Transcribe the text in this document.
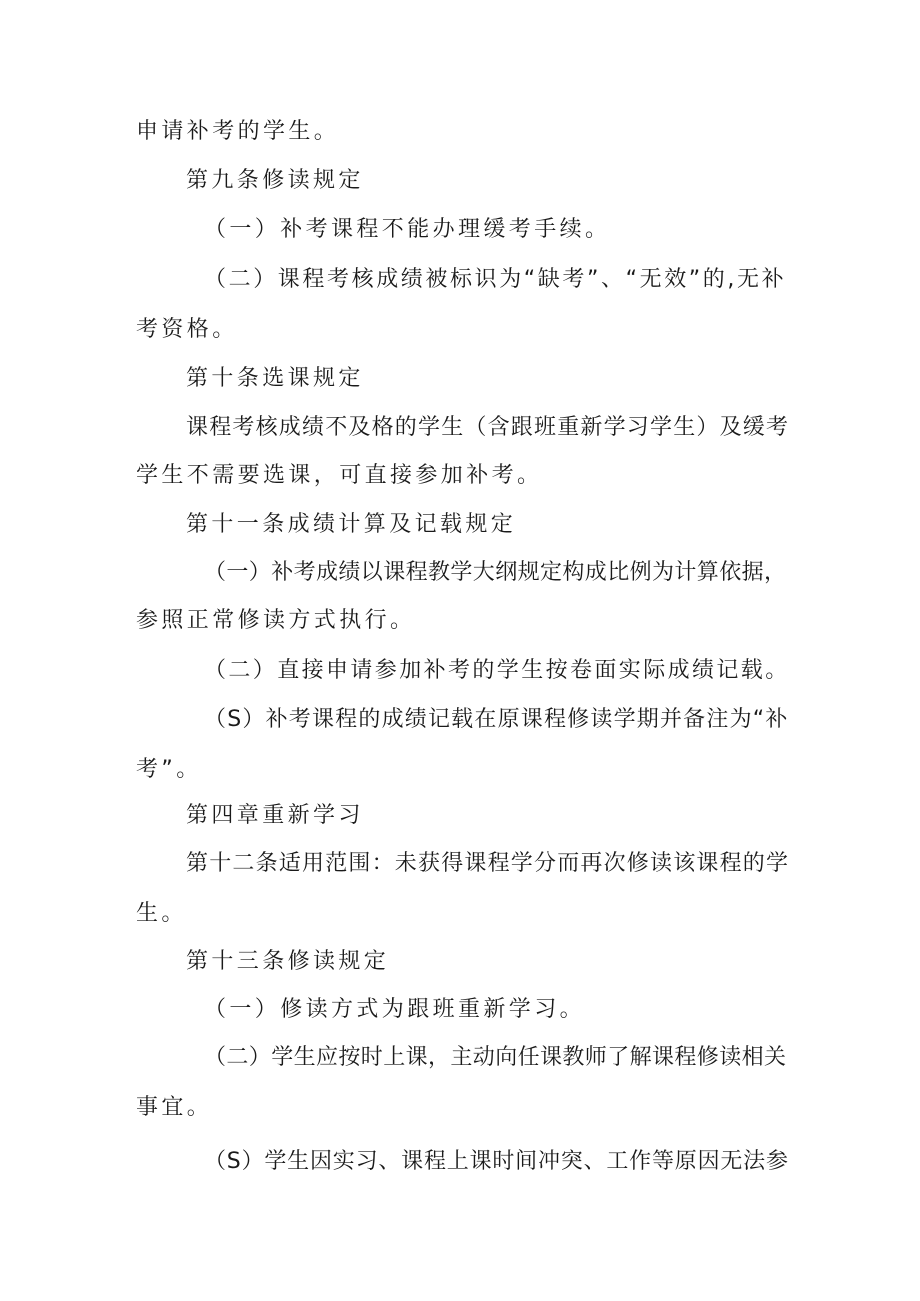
申请补考的学生。
第九条修读规定
（一）补考课程不能办理缓考手续。
（二）课程考核成绩被标识为“缺考”、“无效”的,无补
考资格。
第十条选课规定
课程考核成绩不及格的学生（含跟班重新学习学生）及缓考
学生不需要选课，可直接参加补考。
第十一条成绩计算及记载规定
（一）补考成绩以课程教学大纲规定构成比例为计算依据，
参照正常修读方式执行。
（二）直接申请参加补考的学生按卷面实际成绩记载。
（S）补考课程的成绩记载在原课程修读学期并备注为“补
考”。
第四章重新学习
第十二条适用范围：未获得课程学分而再次修读该课程的学
生。
第十三条修读规定
（一）修读方式为跟班重新学习。
（二）学生应按时上课，主动向任课教师了解课程修读相关
事宜。
（S）学生因实习、课程上课时间冲突、工作等原因无法参
